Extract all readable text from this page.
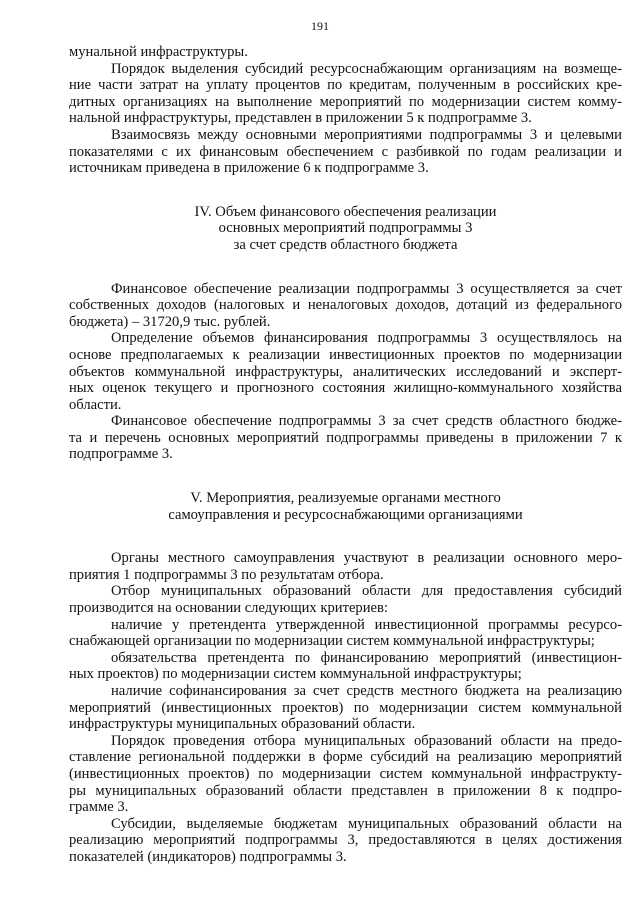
191
мунальной инфраструктуры.
Порядок выделения субсидий ресурсоснабжающим организациям на возмеще-
ние части затрат на уплату процентов по кредитам, полученным в российских кре-
дитных организациях на выполнение мероприятий по модернизации систем комму-
нальной инфраструктуры, представлен в приложении 5 к подпрограмме 3.
Взаимосвязь между основными мероприятиями подпрограммы 3 и целевыми
показателями с их финансовым обеспечением с разбивкой по годам реализации и
источникам приведена в приложение 6 к подпрограмме 3.
IV. Объем финансового обеспечения реализации
основных мероприятий подпрограммы 3
за счет средств областного бюджета
Финансовое обеспечение реализации подпрограммы 3 осуществляется за счет
собственных доходов (налоговых и неналоговых доходов, дотаций из федерального
бюджета) – 31720,9 тыс. рублей.
Определение объемов финансирования подпрограммы 3 осуществлялось на
основе предполагаемых к реализации инвестиционных проектов по модернизации
объектов коммунальной инфраструктуры, аналитических исследований и эксперт-
ных оценок текущего и прогнозного состояния жилищно-коммунального хозяйства
области.
Финансовое обеспечение подпрограммы 3 за счет средств областного бюдже-
та и перечень основных мероприятий подпрограммы приведены в приложении 7 к
подпрограмме 3.
V. Мероприятия, реализуемые органами местного
самоуправления и ресурсоснабжающими организациями
Органы местного самоуправления участвуют в реализации основного меро-
приятия 1 подпрограммы 3 по результатам отбора.
Отбор муниципальных образований области для предоставления субсидий
производится на основании следующих критериев:
наличие у претендента утвержденной инвестиционной программы ресурсо-
снабжающей организации по модернизации систем коммунальной инфраструктуры;
обязательства претендента по финансированию мероприятий (инвестицион-
ных проектов) по модернизации систем коммунальной инфраструктуры;
наличие софинансирования за счет средств местного бюджета на реализацию
мероприятий (инвестиционных проектов) по модернизации систем коммунальной
инфраструктуры муниципальных образований области.
Порядок проведения отбора муниципальных образований области на предо-
ставление региональной поддержки в форме субсидий на реализацию мероприятий
(инвестиционных проектов) по модернизации систем коммунальной инфраструкту-
ры муниципальных образований области представлен в приложении 8 к подпро-
грамме 3.
Субсидии, выделяемые бюджетам муниципальных образований области на
реализацию мероприятий подпрограммы 3, предоставляются в целях достижения
показателей (индикаторов) подпрограммы 3.
